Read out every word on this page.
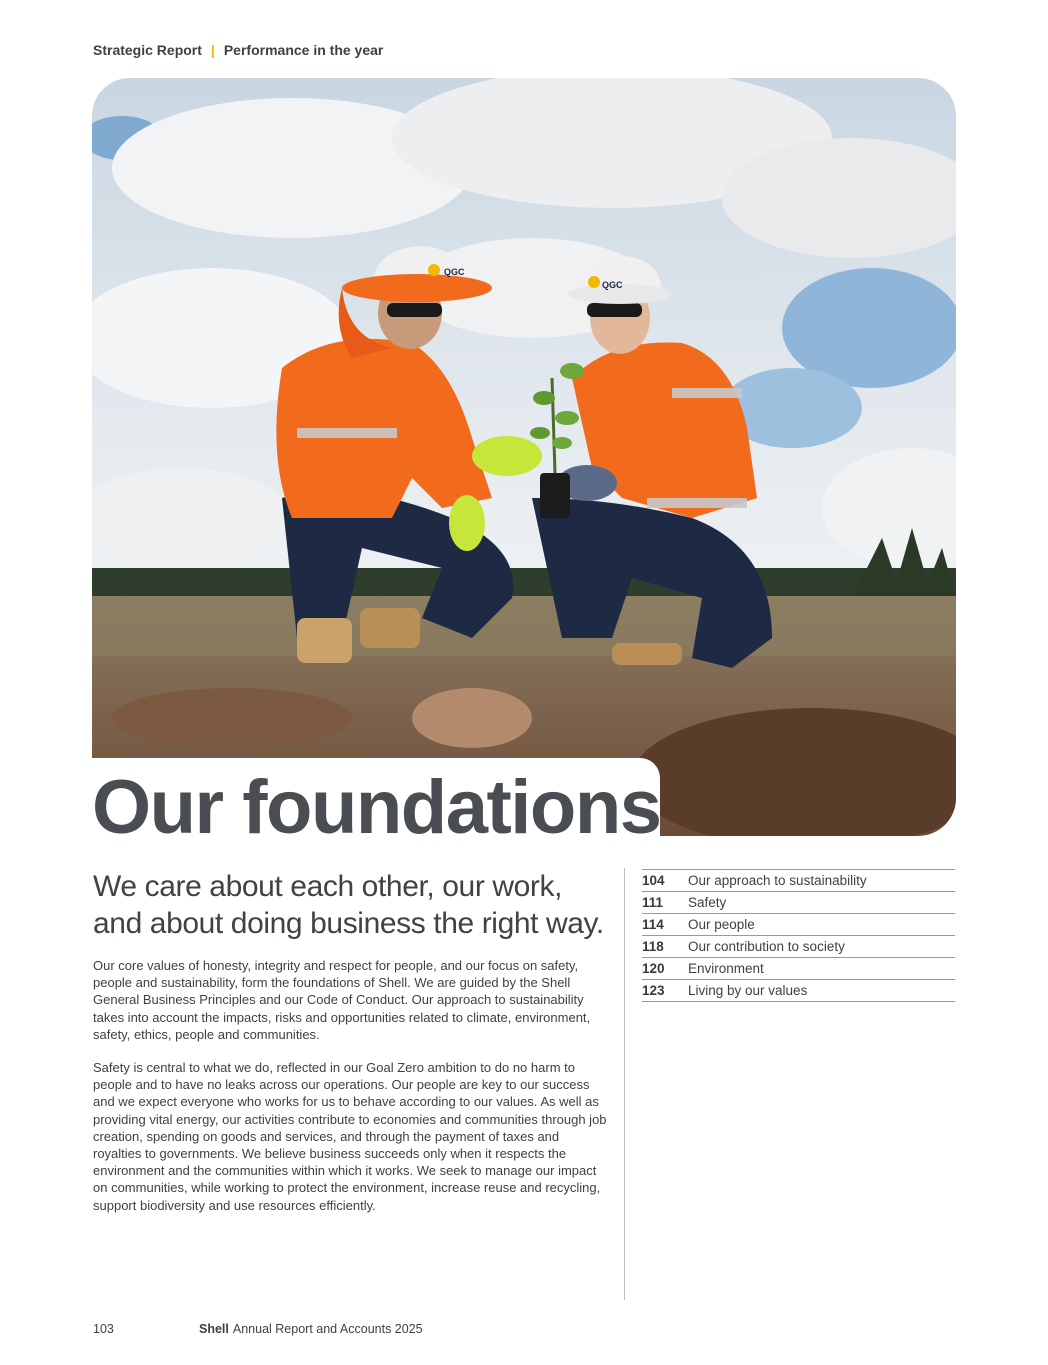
Strategic Report | Performance in the year
QGC
QGC
Our foundations
We care about each other, our work, and about doing business the right way.

Our core values of honesty, integrity and respect for people, and our focus on safety, people and sustainability, form the foundations of Shell. We are guided by the Shell General Business Principles and our Code of Conduct. Our approach to sustainability takes into account the impacts, risks and opportunities related to climate, environment, safety, ethics, people and communities.

Safety is central to what we do, reflected in our Goal Zero ambition to do no harm to people and to have no leaks across our operations. Our people are key to our success and we expect everyone who works for us to behave according to our values. As well as providing vital energy, our activities contribute to economies and communities through job creation, spending on goods and services, and through the payment of taxes and royalties to governments. We believe business succeeds only when it respects the environment and the communities within which it works. We seek to manage our impact on communities, while working to protect the environment, increase reuse and recycling, support biodiversity and use resources efficiently.

104	Our approach to sustainability
111	Safety
114	Our people
118	Our contribution to society
120	Environment
123	Living by our values
103	Shell Annual Report and Accounts 2025
